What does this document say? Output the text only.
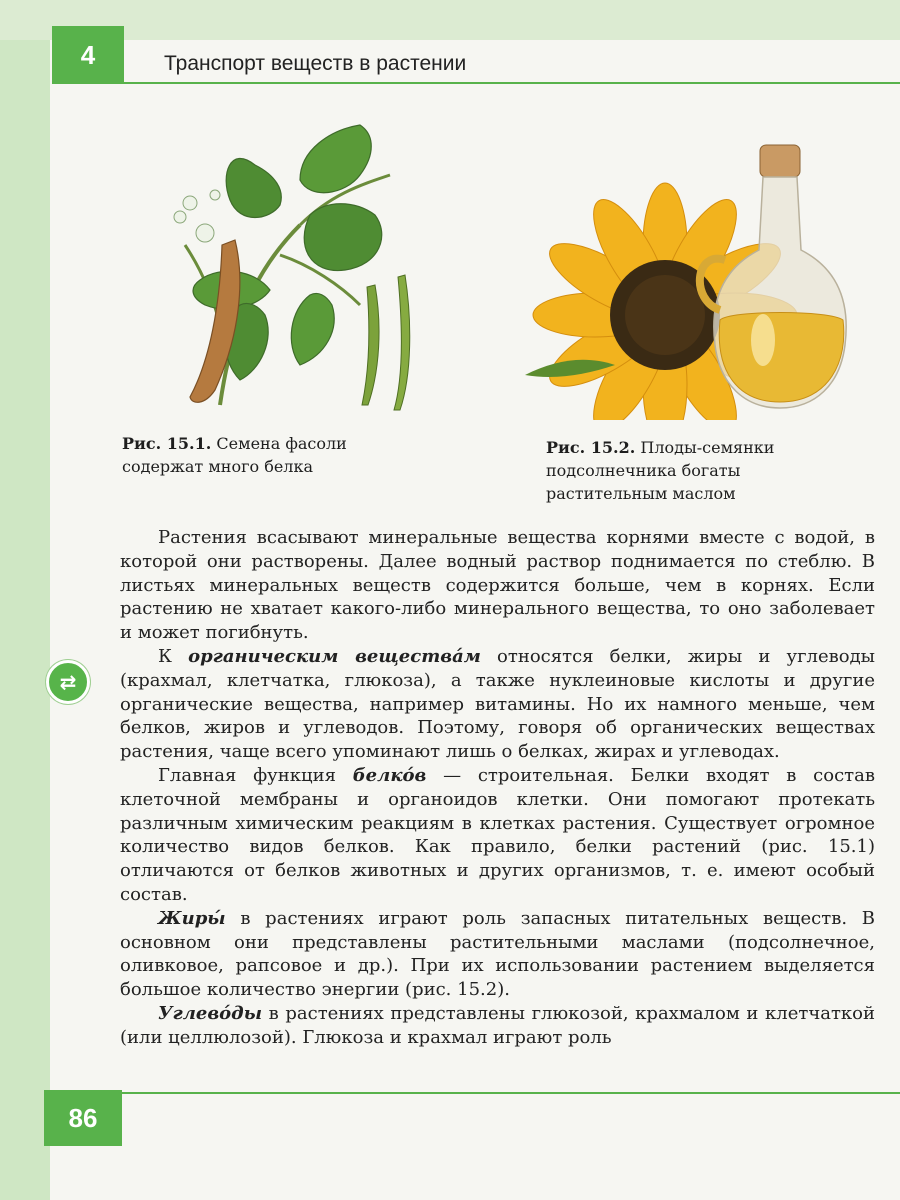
4	Транспорт веществ в растении
Рис. 15.1. Семена фасоли
содержат много белка
Рис. 15.2. Плоды-семянки
подсолнечника богаты
растительным маслом
⇄

Растения всасывают минеральные вещества корнями вместе с водой, в которой они растворены. Далее водный раствор поднимается по стеблю. В листьях минеральных веществ содержится больше, чем в корнях. Если растению не хватает какого-либо минерального вещества, то оно заболевает и может погибнуть.

К органическим веществáм относятся белки, жиры и углеводы (крахмал, клетчатка, глюкоза), а также нуклеиновые кислоты и другие органические вещества, например витамины. Но их намного меньше, чем белков, жиров и углеводов. Поэтому, говоря об органических веществах растения, чаще всего упоминают лишь о белках, жирах и углеводах.

Главная функция белкóв — строительная. Белки входят в состав клеточной мембраны и органоидов клетки. Они помогают протекать различным химическим реакциям в клетках растения. Существует огромное количество видов белков. Как правило, белки растений (рис. 15.1) отличаются от белков животных и других организмов, т. е. имеют особый состав.

Жиры́ в растениях играют роль запасных питательных веществ. В основном они представлены растительными маслами (подсолнечное, оливковое, рапсовое и др.). При их использовании растением выделяется большое количество энергии (рис. 15.2).

Углевóды в растениях представлены глюкозой, крахмалом и клетчаткой (или целлюлозой). Глюкоза и крахмал играют роль

86
